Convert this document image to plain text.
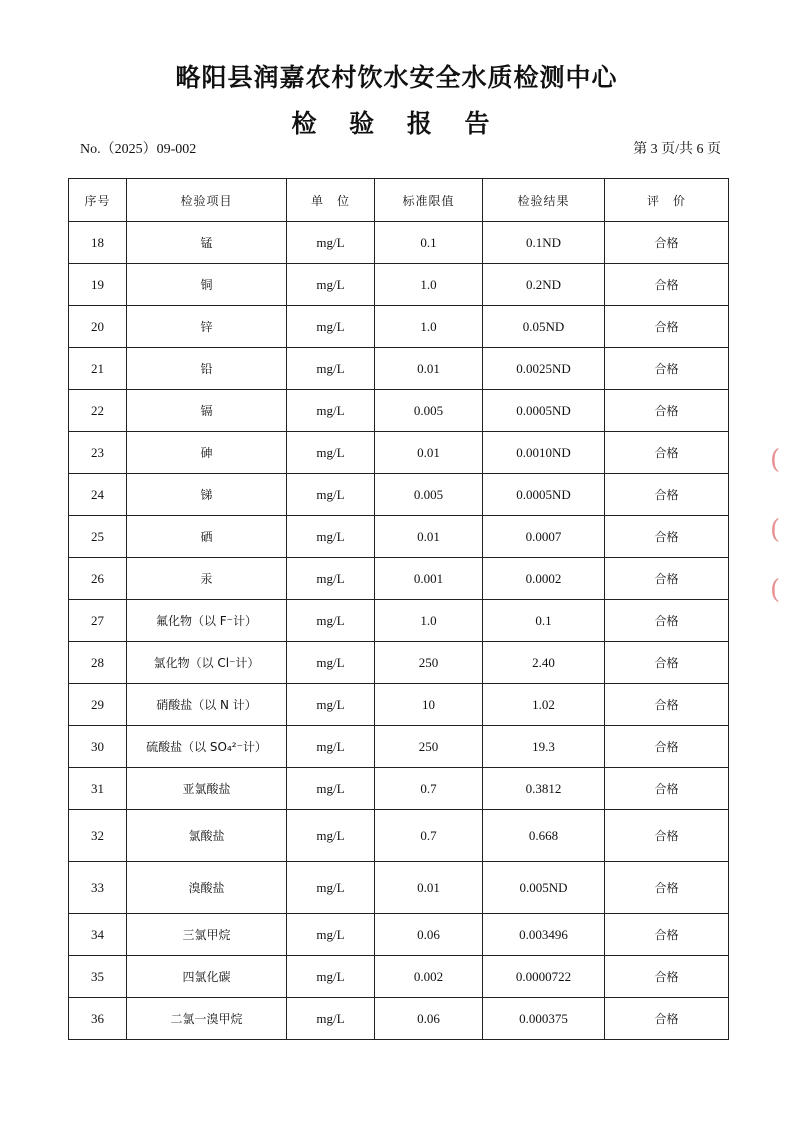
略阳县润嘉农村饮水安全水质检测中心
检 验 报 告
No.（2025）09-002	第 3 页/共 6 页
序号	检验项目	单　位	标准限值	检验结果	评　价
18	锰	mg/L	0.1	0.1ND	合格
19	铜	mg/L	1.0	0.2ND	合格
20	锌	mg/L	1.0	0.05ND	合格
21	铅	mg/L	0.01	0.0025ND	合格
22	镉	mg/L	0.005	0.0005ND	合格
23	砷	mg/L	0.01	0.0010ND	合格
24	锑	mg/L	0.005	0.0005ND	合格
25	硒	mg/L	0.01	0.0007	合格
26	汞	mg/L	0.001	0.0002	合格
27	氟化物（以 F⁻计）	mg/L	1.0	0.1	合格
28	氯化物（以 Cl⁻计）	mg/L	250	2.40	合格
29	硝酸盐（以 N 计）	mg/L	10	1.02	合格
30	硫酸盐（以 SO₄²⁻计）	mg/L	250	19.3	合格
31	亚氯酸盐	mg/L	0.7	0.3812	合格
32	氯酸盐	mg/L	0.7	0.668	合格
33	溴酸盐	mg/L	0.01	0.005ND	合格
34	三氯甲烷	mg/L	0.06	0.003496	合格
35	四氯化碳	mg/L	0.002	0.0000722	合格
36	二氯一溴甲烷	mg/L	0.06	0.000375	合格
(
(
(
